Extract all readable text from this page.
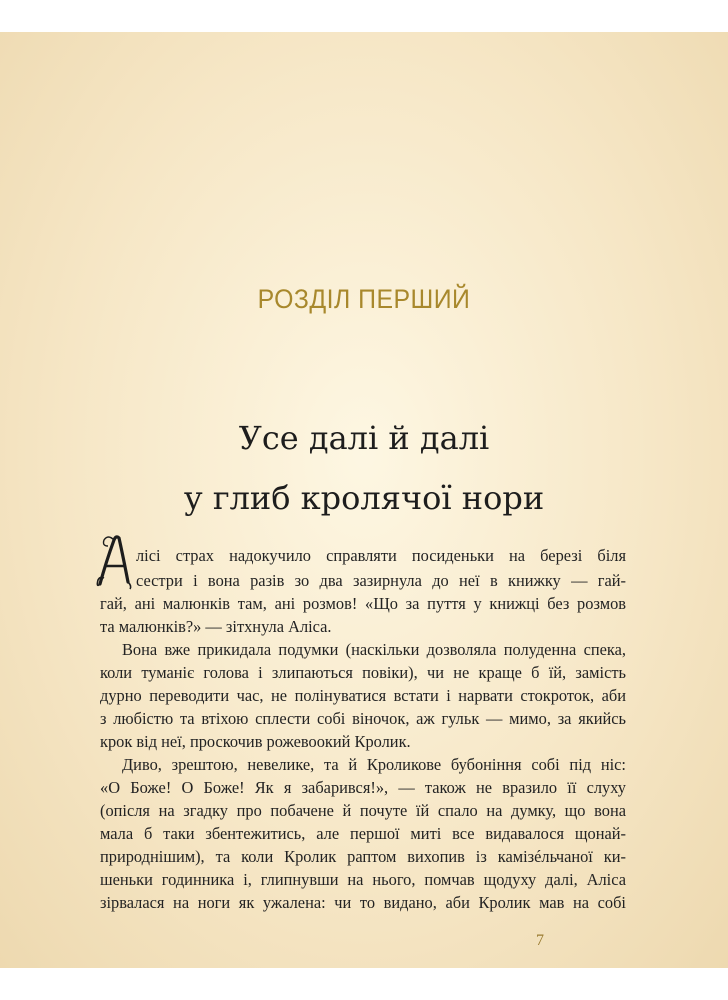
РОЗДІЛ ПЕРШИЙ
Усе далі й далі
у глиб кролячої нори
лісі страх надокучило справляти посиденьки на березі біля
сестри і вона разів зо два зазирнула до неї в книжку — гай-
гай, ані малюнків там, ані розмов! «Що за пуття у книжці без розмов
та малюнків?» — зітхнула Аліса.
Вона вже прикидала подумки (наскільки дозволяла полуденна спека,
коли туманіє голова і злипаються повіки), чи не краще б їй, замість
дурно переводити час, не полінуватися встати і нарвати стокроток, аби
з любістю та втіхою сплести собі віночок, аж гульк — мимо, за якийсь
крок від неї, проскочив рожевоокий Кролик.
Диво, зрештою, невелике, та й Кроликове бубоніння собі під ніс:
«О Боже! О Боже! Як я забарився!», — також не вразило її слуху
(опісля на згадку про побачене й почуте їй спало на думку, що вона
мала б таки збентежитись, але першої миті все видавалося щонай-
природнішим), та коли Кролик раптом вихопив із камізéльчаної ки-
шеньки годинника і, глипнувши на нього, помчав щодуху далі, Аліса
зірвалася на ноги як ужалена: чи то видано, аби Кролик мав на собі
7
